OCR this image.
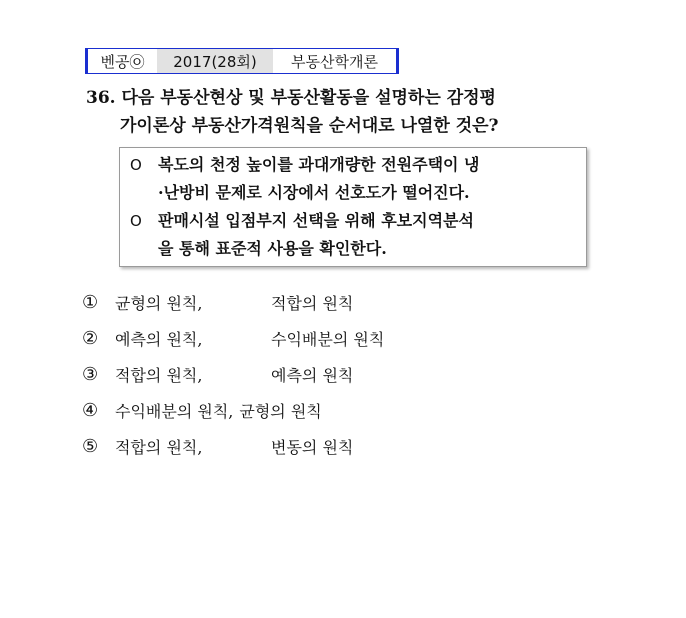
벤공㉧	2017(28회)	부동산학개론
36. 다음 부동산현상 및 부동산활동을 설명하는 감정평
가이론상 부동산가격원칙을 순서대로 나열한 것은?
O	복도의 천정 높이를 과대개량한 전원주택이 냉
·난방비 문제로 시장에서 선호도가 떨어진다.
O	판매시설 입점부지 선택을 위해 후보지역분석
을 통해 표준적 사용을 확인한다.
①	균형의 원칙,	적합의 원칙
②	예측의 원칙,	수익배분의 원칙
③	적합의 원칙,	예측의 원칙
④	수익배분의 원칙, 균형의 원칙
⑤	적합의 원칙,	변동의 원칙
